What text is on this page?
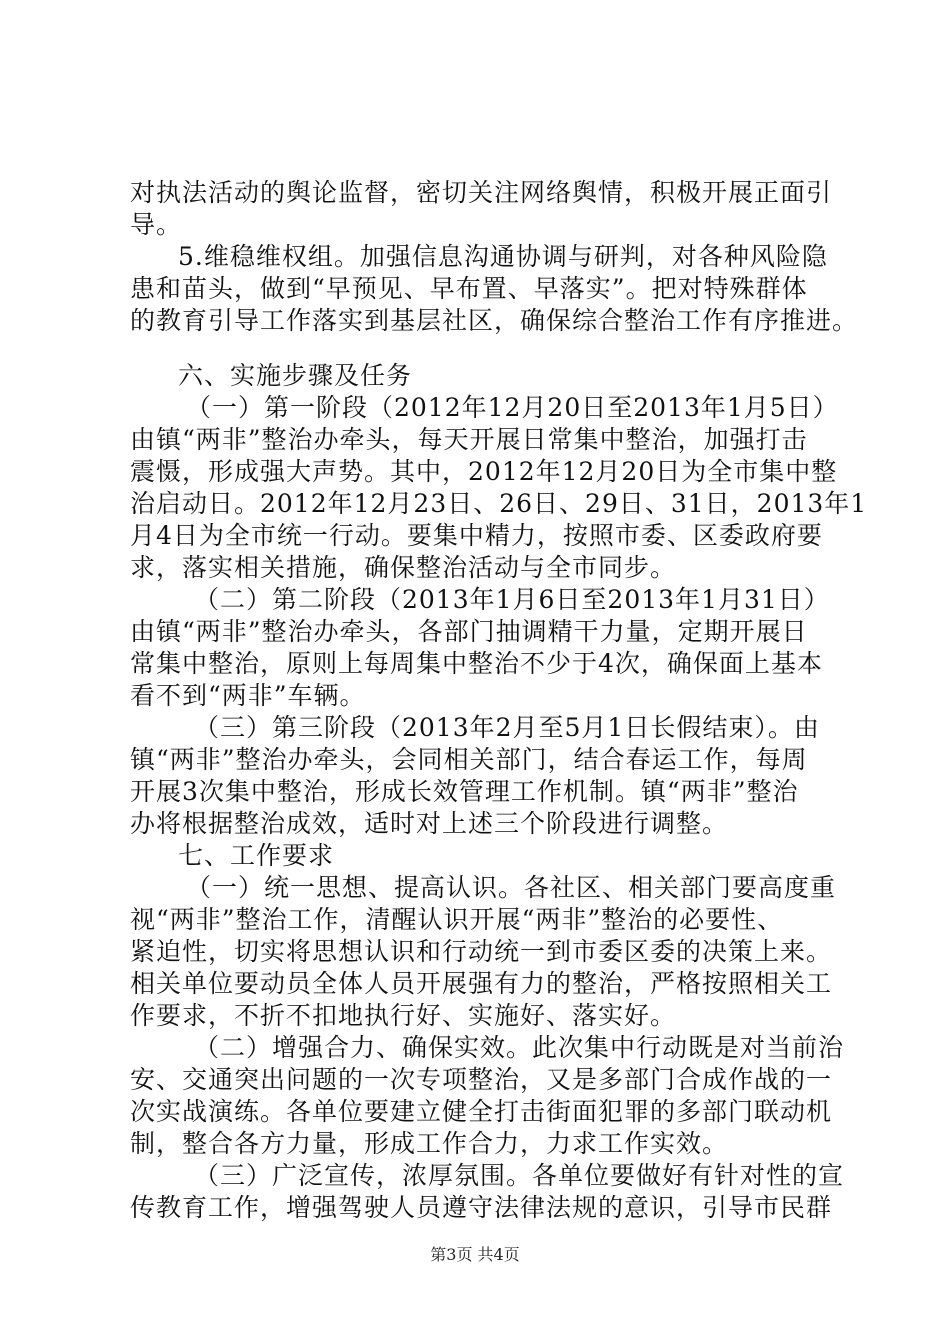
对执法活动的舆论监督，密切关注网络舆情，积极开展正面引
导。
5.维稳维权组。加强信息沟通协调与研判，对各种风险隐
患和苗头，做到“早预见、早布置、早落实”。把对特殊群体
的教育引导工作落实到基层社区，确保综合整治工作有序推进。
六、实施步骤及任务
（一）第一阶段（2012年12月20日至2013年1月5日）
由镇“两非”整治办牵头，每天开展日常集中整治，加强打击
震慑，形成强大声势。其中，2012年12月20日为全市集中整
治启动日。2012年12月23日、26日、29日、31日，2013年1
月4日为全市统一行动。要集中精力，按照市委、区委政府要
求，落实相关措施，确保整治活动与全市同步。
（二）第二阶段（2013年1月6日至2013年1月31日）
由镇“两非”整治办牵头，各部门抽调精干力量，定期开展日
常集中整治，原则上每周集中整治不少于4次，确保面上基本
看不到“两非”车辆。
（三）第三阶段（2013年2月至5月1日长假结束）。由
镇“两非”整治办牵头，会同相关部门，结合春运工作，每周
开展3次集中整治，形成长效管理工作机制。镇“两非”整治
办将根据整治成效，适时对上述三个阶段进行调整。
七、工作要求
（一）统一思想、提高认识。各社区、相关部门要高度重
视“两非”整治工作，清醒认识开展“两非”整治的必要性、
紧迫性，切实将思想认识和行动统一到市委区委的决策上来。
相关单位要动员全体人员开展强有力的整治，严格按照相关工
作要求，不折不扣地执行好、实施好、落实好。
（二）增强合力、确保实效。此次集中行动既是对当前治
安、交通突出问题的一次专项整治，又是多部门合成作战的一
次实战演练。各单位要建立健全打击街面犯罪的多部门联动机
制，整合各方力量，形成工作合力，力求工作实效。
（三）广泛宣传，浓厚氛围。各单位要做好有针对性的宣
传教育工作，增强驾驶人员遵守法律法规的意识，引导市民群
第3页 共4页
